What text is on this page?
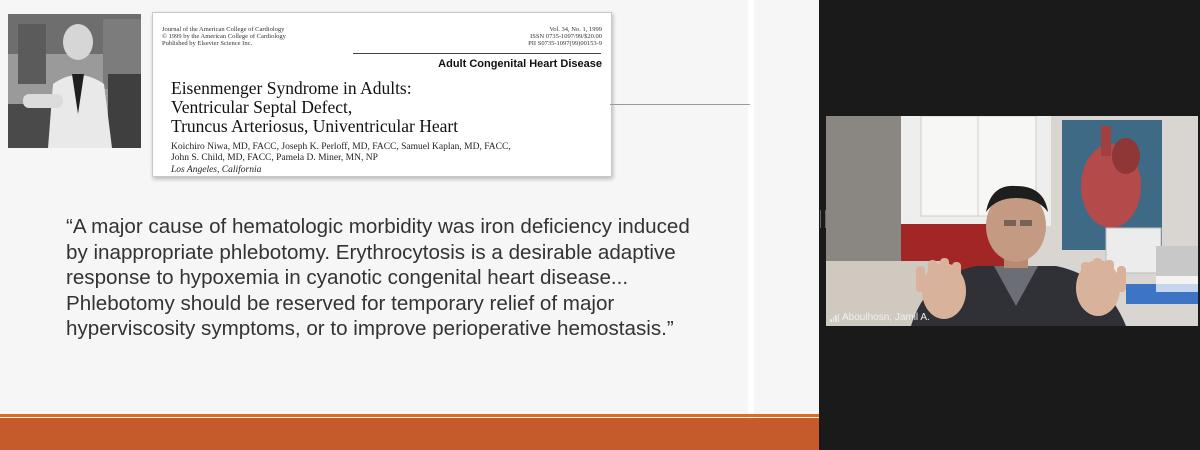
Journal of the American College of Cardiology
© 1999 by the American College of Cardiology
Published by Elsevier Science Inc.
Vol. 34, No. 1, 1999
ISSN 0735-1097/99/$20.00
PII S0735-1097(99)00153-9
Adult Congenital Heart Disease
Eisenmenger Syndrome in Adults:
Ventricular Septal Defect,
Truncus Arteriosus, Univentricular Heart
Koichiro Niwa, MD, FACC, Joseph K. Perloff, MD, FACC, Samuel Kaplan, MD, FACC,
John S. Child, MD, FACC, Pamela D. Miner, MN, NP
Los Angeles, California
“A major cause of hematologic morbidity was iron deficiency induced
by inappropriate phlebotomy. Erythrocytosis is a desirable adaptive
response to hypoxemia in cyanotic congenital heart disease...
Phlebotomy should be reserved for temporary relief of major
hyperviscosity symptoms, or to improve perioperative hemostasis.”	Aboulhosn, Jamil A.
